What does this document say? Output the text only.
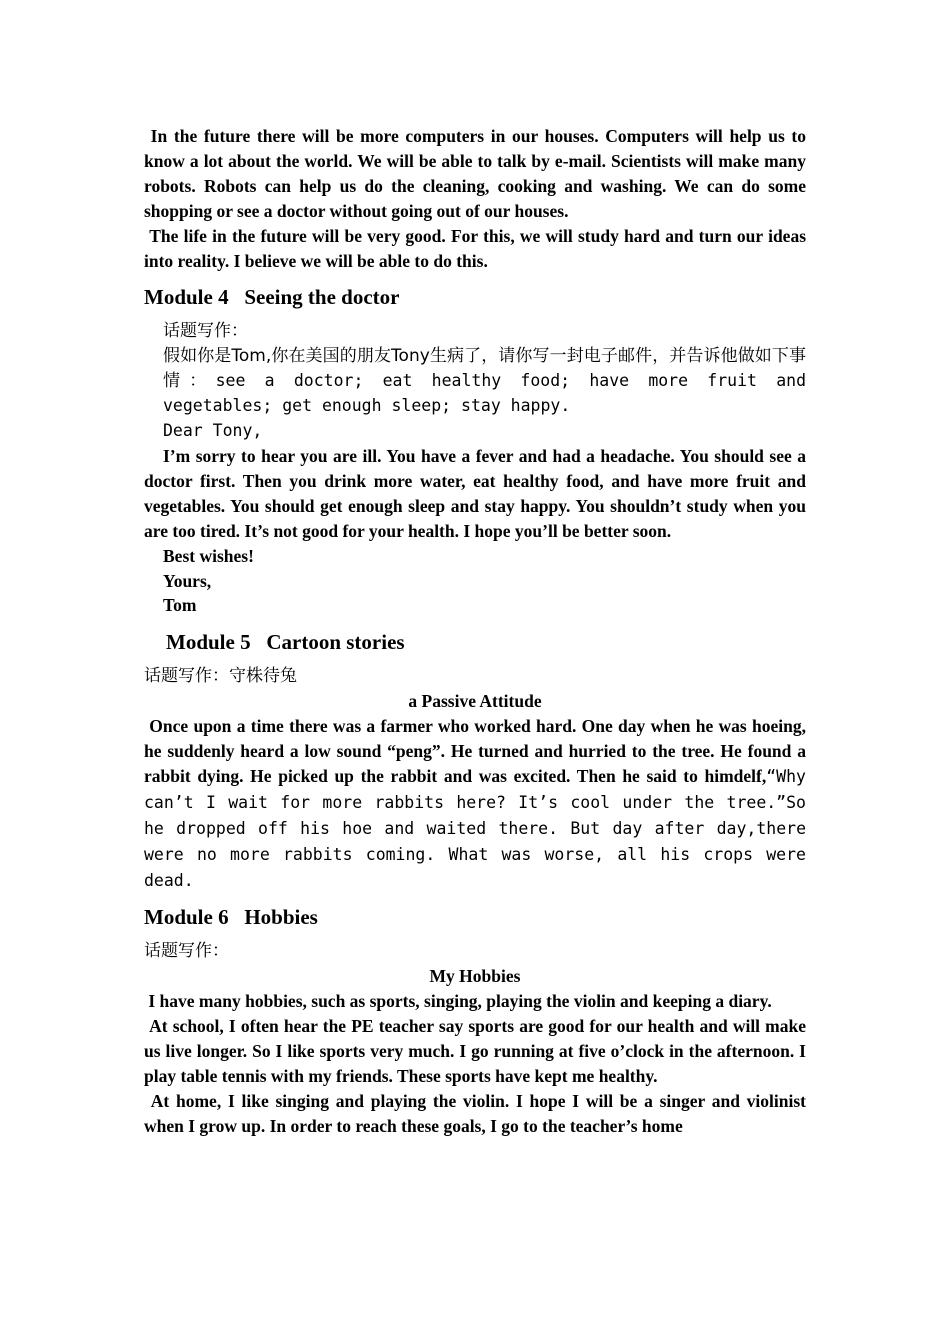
In the future there will be more computers in our houses. Computers will help us to know a lot about the world. We will be able to talk by e-mail. Scientists will make many robots. Robots can help us do the cleaning, cooking and washing. We can do some shopping or see a doctor without going out of our houses.

The life in the future will be very good. For this, we will study hard and turn our ideas into reality. I believe we will be able to do this.

Module 4   Seeing the doctor

话题写作：

假如你是Tom,你在美国的朋友Tony生病了，请你写一封电子邮件，并告诉他做如下事情：see a doctor; eat healthy food; have more fruit and vegetables; get enough sleep; stay happy.

Dear Tony,

I’m sorry to hear you are ill. You have a fever and had a headache. You should see a doctor first. Then you drink more water, eat healthy food, and have more fruit and vegetables. You should get enough sleep and stay happy. You shouldn’t study when you are too tired. It’s not good for your health. I hope you’ll be better soon.

Best wishes!

Yours,

Tom

Module 5   Cartoon stories

话题写作：守株待兔

a Passive Attitude

Once upon a time there was a farmer who worked hard. One day when he was hoeing, he suddenly heard a low sound “peng”. He turned and hurried to the tree. He found a rabbit dying. He picked up the rabbit and was excited. Then he said to himdelf,“Why can’t I wait for more rabbits here? It’s cool under the tree.”So he dropped off his hoe and waited there. But day after day,there were no more rabbits coming. What was worse, all his crops were dead.

Module 6   Hobbies

话题写作：

My Hobbies

I have many hobbies, such as sports, singing, playing the violin and keeping a diary.

At school, I often hear the PE teacher say sports are good for our health and will make us live longer. So I like sports very much. I go running at five o’clock in the afternoon. I play table tennis with my friends. These sports have kept me healthy.

At home, I like singing and playing the violin. I hope I will be a singer and violinist when I grow up. In order to reach these goals, I go to the teacher’s home
